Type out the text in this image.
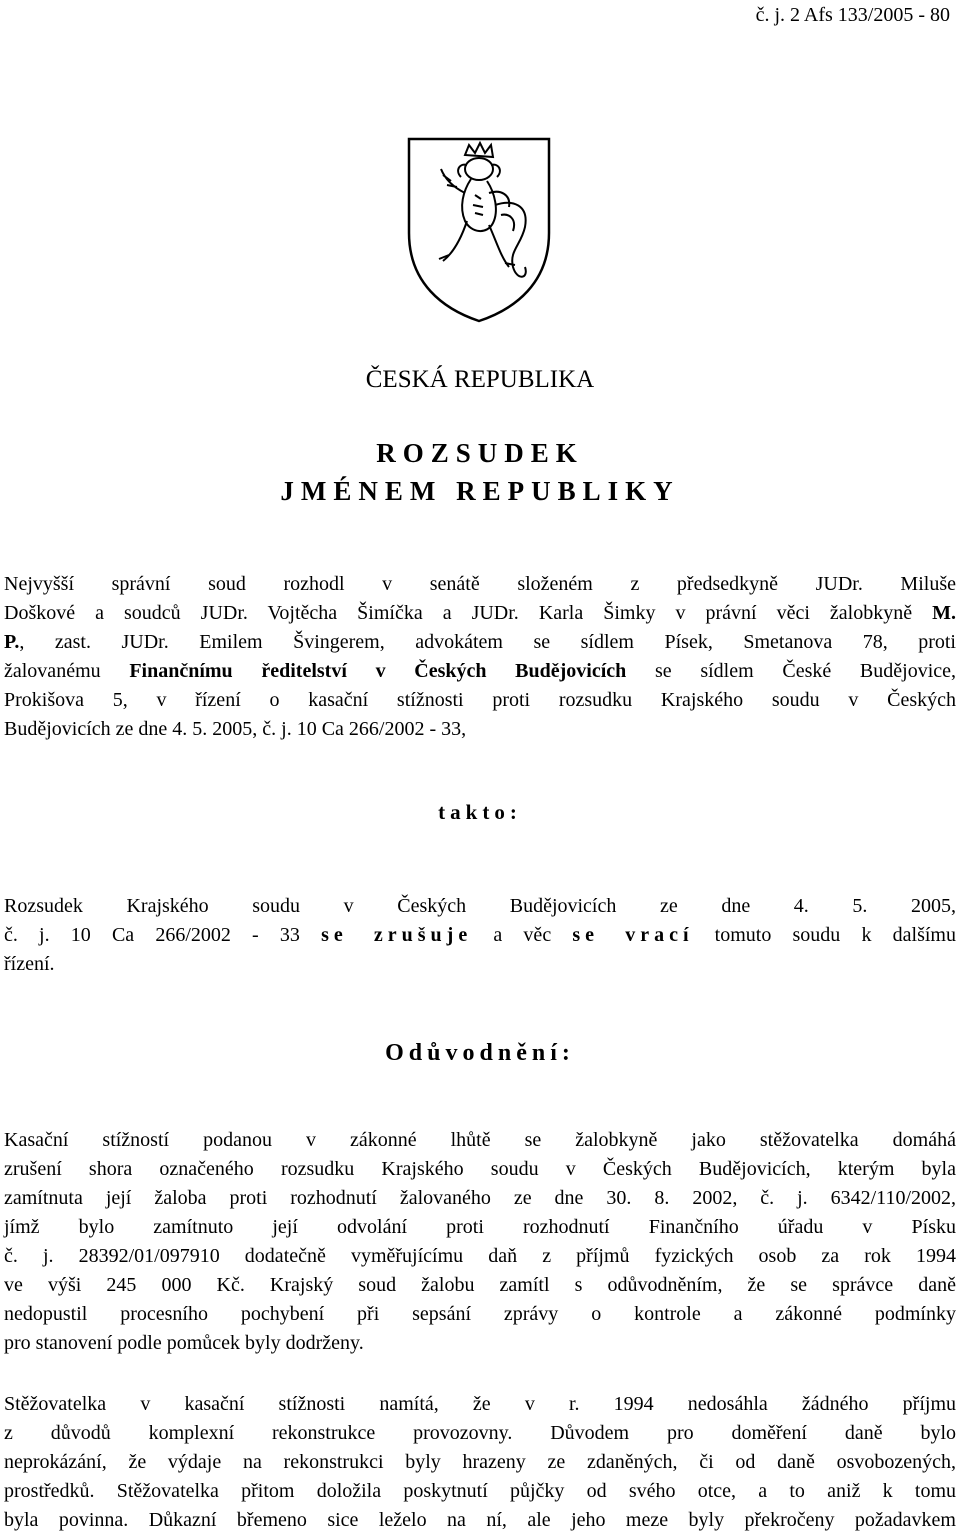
č. j. 2 Afs 133/2005 - 80
ČESKÁ REPUBLIKA
ROZSUDEK
JMÉNEM REPUBLIKY
Nejvyšší správní soud rozhodl v senátě složeném z předsedkyně JUDr. Miluše
Doškové a soudců JUDr. Vojtěcha Šimíčka a JUDr. Karla Šimky v právní věci žalobkyně M.
P., zast. JUDr. Emilem Švingerem, advokátem se sídlem Písek, Smetanova 78, proti
žalovanému Finančnímu ředitelství v Českých Budějovicích se sídlem České Budějovice,
Prokišova 5, v řízení o kasační stížnosti proti rozsudku Krajského soudu v Českých
Budějovicích ze dne 4. 5. 2005, č. j. 10 Ca 266/2002 - 33,
takto:
Rozsudek Krajského soudu v Českých Budějovicích ze dne 4. 5. 2005,
č. j. 10 Ca 266/2002 - 33 se zrušuje a věc se vrací tomuto soudu k dalšímu
řízení.
Odůvodnění:
Kasační stížností podanou v zákonné lhůtě se žalobkyně jako stěžovatelka domáhá
zrušení shora označeného rozsudku Krajského soudu v Českých Budějovicích, kterým byla
zamítnuta její žaloba proti rozhodnutí žalovaného ze dne 30. 8. 2002, č. j. 6342/110/2002,
jímž bylo zamítnuto její odvolání proti rozhodnutí Finančního úřadu v Písku
č. j. 28392/01/097910 dodatečně vyměřujícímu daň z příjmů fyzických osob za rok 1994
ve výši 245 000 Kč. Krajský soud žalobu zamítl s odůvodněním, že se správce daně
nedopustil procesního pochybení při sepsání zprávy o kontrole a zákonné podmínky
pro stanovení podle pomůcek byly dodrženy.
Stěžovatelka v kasační stížnosti namítá, že v r. 1994 nedosáhla žádného příjmu
z důvodů komplexní rekonstrukce provozovny. Důvodem pro doměření daně bylo
neprokázání, že výdaje na rekonstrukci byly hrazeny ze zdaněných, či od daně osvobozených,
prostředků. Stěžovatelka přitom doložila poskytnutí půjčky od svého otce, a to aniž k tomu
byla povinna. Důkazní břemeno sice leželo na ní, ale jeho meze byly překročeny požadavkem
